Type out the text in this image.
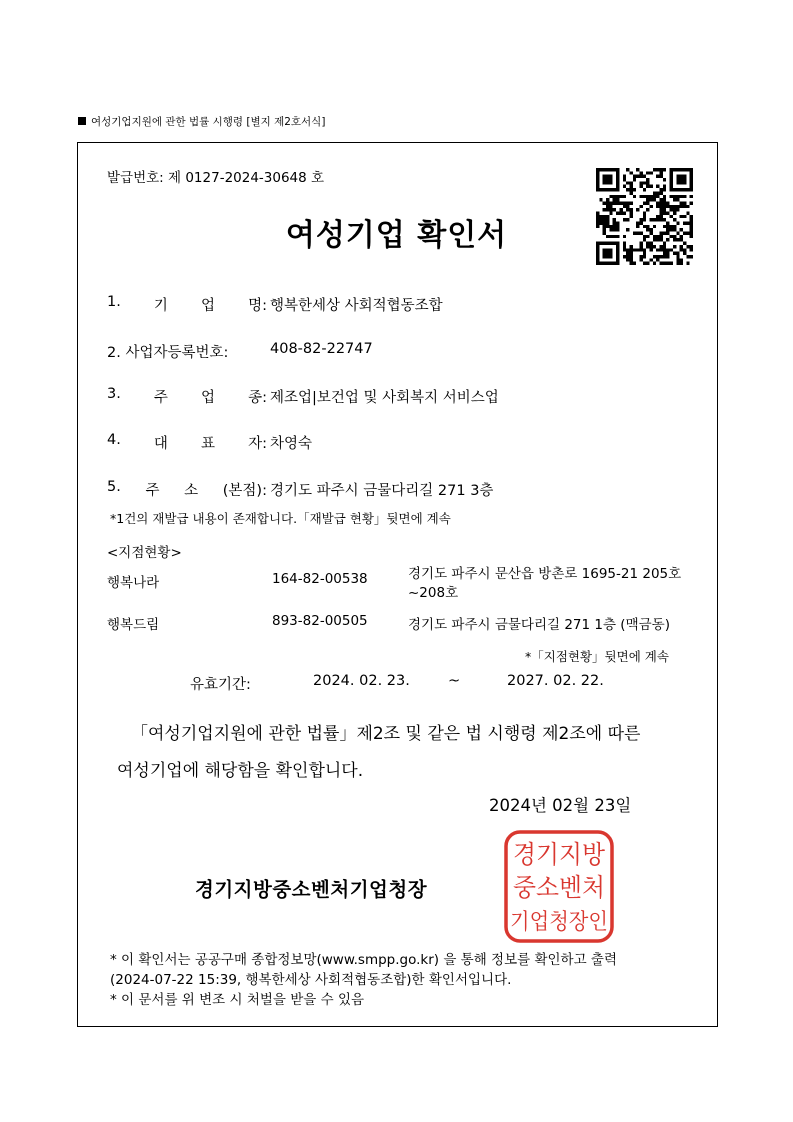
여성기업지원에 관한 법률 시행령 [별지 제2호서식]
발급번호: 제 0127-2024-30648 호
여성기업 확인서
1. 기 업 명: 행복한세상 사회적협동조합
2. 사업자등록번호:	408-82-22747
3. 주 업 종: 제조업|보건업 및 사회복지 서비스업
4. 대 표 자: 차영숙
5. 주 소 (본점): 경기도 파주시 금물다리길 271 3층
*1건의 재발급 내용이 존재합니다.「재발급 현황」뒷면에 계속
<지점현황>
행복나라	164-82-00538	경기도 파주시 문산읍 방촌로 1695-21 205호
~208호
행복드림	893-82-00505	경기도 파주시 금물다리길 271 1층 (맥금동)
*「지점현황」뒷면에 계속
유효기간:	2024. 02. 23.	~	2027. 02. 22.
「여성기업지원에 관한 법률」제2조 및 같은 법 시행령 제2조에 따른
여성기업에 해당함을 확인합니다.
2024년 02월 23일
경기지방중소벤처기업청장
경기지방
중소벤처
기업청장인
* 이 확인서는 공공구매 종합정보망(www.smpp.go.kr) 을 통해 정보를 확인하고 출력
(2024-07-22 15:39, 행복한세상 사회적협동조합)한 확인서입니다.
* 이 문서를 위 변조 시 처벌을 받을 수 있음
